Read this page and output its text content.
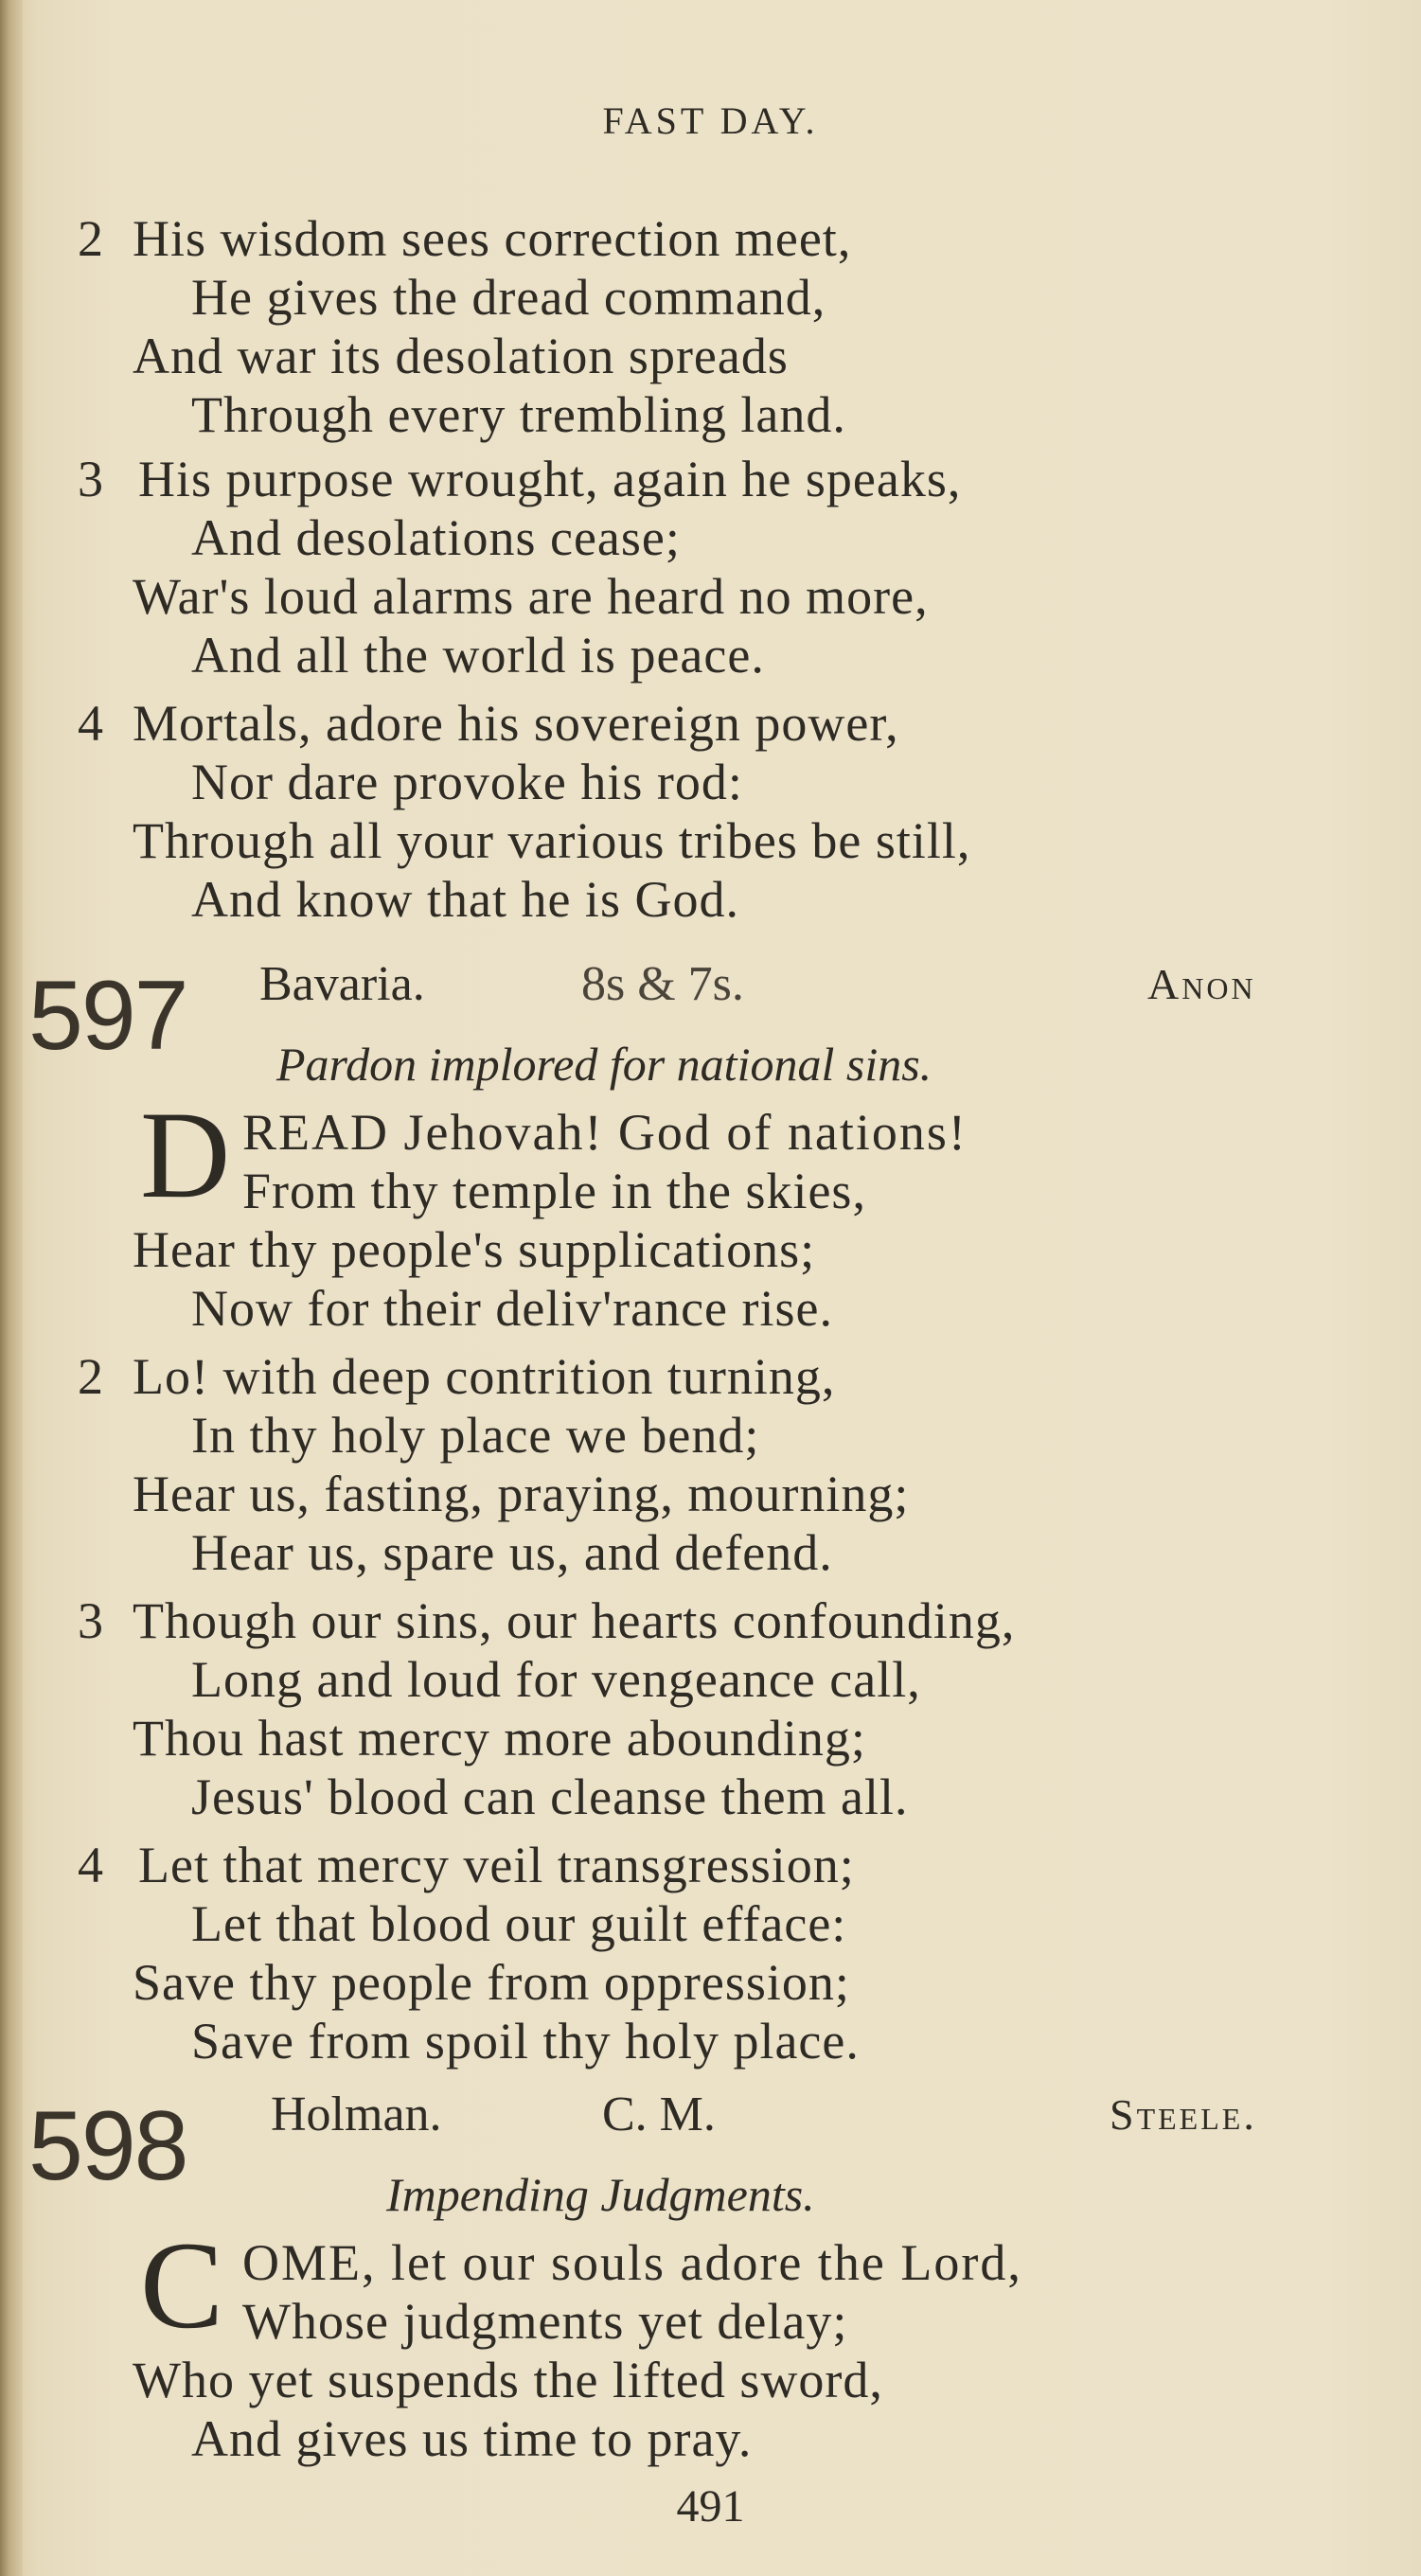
FAST DAY.
2 His wisdom sees correction meet,
He gives the dread command,
And war its desolation spreads
Through every trembling land.
3 His purpose wrought, again he speaks,
And desolations cease;
War's loud alarms are heard no more,
And all the world is peace.
4 Mortals, adore his sovereign power,
Nor dare provoke his rod:
Through all your various tribes be still,
And know that he is God.
597 Bavaria.	8s & 7s.	Anon
Pardon implored for national sins.
D READ Jehovah! God of nations!
From thy temple in the skies,
Hear thy people's supplications;
Now for their deliv'rance rise.
2 Lo! with deep contrition turning,
In thy holy place we bend;
Hear us, fasting, praying, mourning;
Hear us, spare us, and defend.
3 Though our sins, our hearts confounding,
Long and loud for vengeance call,
Thou hast mercy more abounding;
Jesus' blood can cleanse them all.
4 Let that mercy veil transgression;
Let that blood our guilt efface:
Save thy people from oppression;
Save from spoil thy holy place.
598 Holman.	C. M.	Steele.
Impending Judgments.
C OME, let our souls adore the Lord,
Whose judgments yet delay;
Who yet suspends the lifted sword,
And gives us time to pray.
491
